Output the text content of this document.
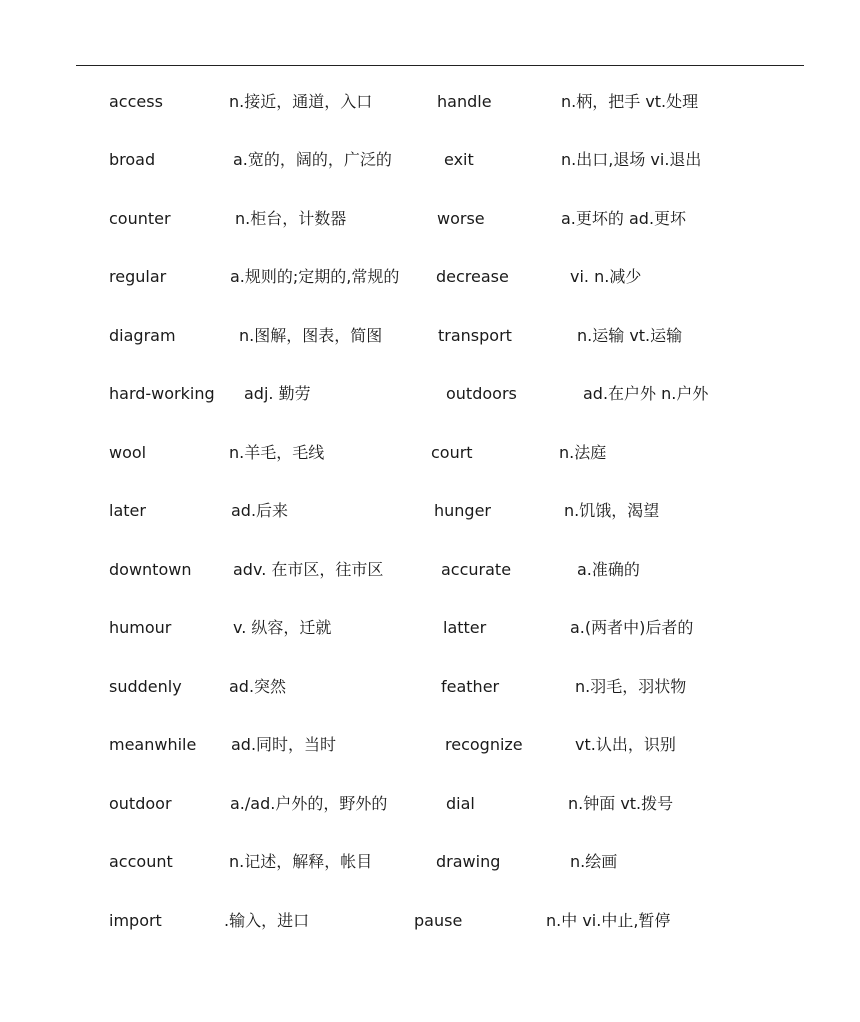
access	n.接近，通道，入口	handle	n.柄，把手 vt.处理
broad	a.宽的，阔的，广泛的	exit	n.出口,退场 vi.退出
counter	n.柜台，计数器	worse	a.更坏的 ad.更坏
regular	a.规则的;定期的,常规的 decrease	vi. n.减少
diagram	n.图解，图表，简图	transport	n.运输 vt.运输
hard-working adj. 勤劳	outdoors	ad.在户外 n.户外
wool	n.羊毛，毛线	court	n.法庭
later	ad.后来	hunger	n.饥饿，渴望
downtown	adv. 在市区，往市区	accurate	a.准确的
humour	v. 纵容，迁就	latter	a.(两者中)后者的
suddenly	ad.突然	feather	n.羽毛，羽状物
meanwhile ad.同时，当时	recognize	vt.认出，识别
outdoor	a./ad.户外的，野外的	dial	n.钟面 vt.拨号
account	n.记述，解释，帐目	drawing	n.绘画
import	.输入，进口	pause	n.中 vi.中止,暂停
